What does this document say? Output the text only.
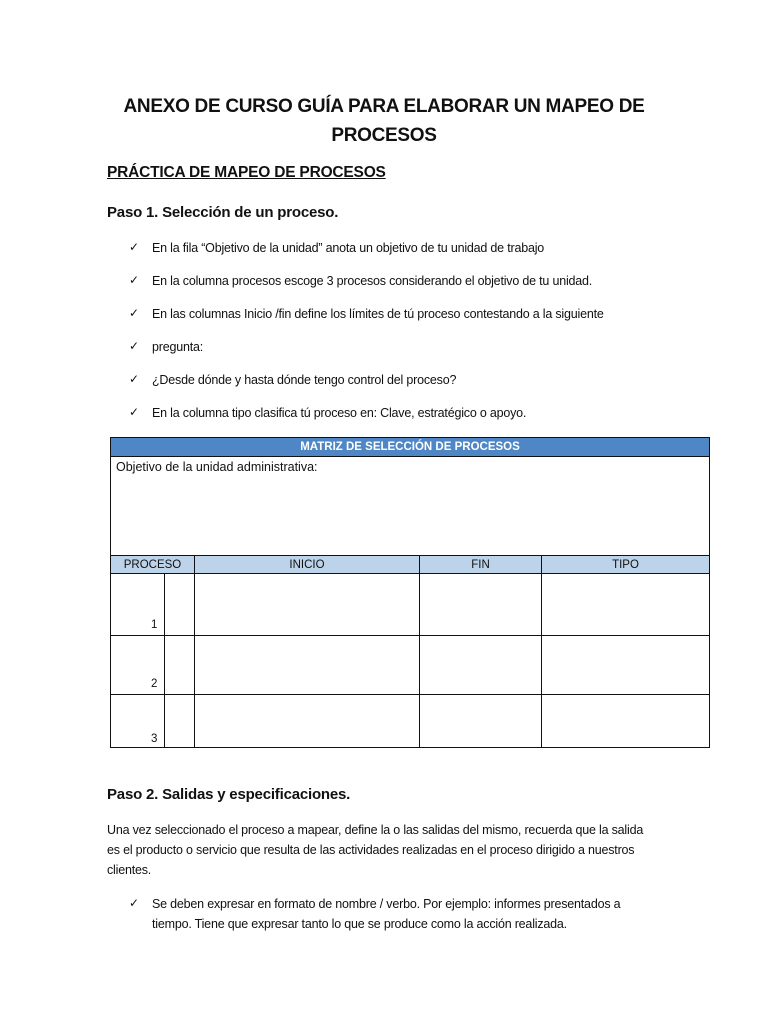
ANEXO DE CURSO GUÍA PARA ELABORAR UN MAPEO DE
PROCESOS
PRÁCTICA DE MAPEO DE PROCESOS
Paso 1. Selección de un proceso.
✓ En la fila “Objetivo de la unidad” anota un objetivo de tu unidad de trabajo
✓ En la columna procesos escoge 3 procesos considerando el objetivo de tu unidad.
✓ En las columnas Inicio /fin define los límites de tú proceso contestando a la siguiente
✓ pregunta:
✓ ¿Desde dónde y hasta dónde tengo control del proceso?
✓ En la columna tipo clasifica tú proceso en: Clave, estratégico o apoyo.
MATRIZ DE SELECCIÓN DE PROCESOS
Objetivo de la unidad administrativa:
PROCESO	INICIO	FIN	TIPO
1
2
3
Paso 2. Salidas y especificaciones.
Una vez seleccionado el proceso a mapear, define la o las salidas del mismo, recuerda que la salida
es el producto o servicio que resulta de las actividades realizadas en el proceso dirigido a nuestros
clientes.
✓ Se deben expresar en formato de nombre / verbo. Por ejemplo: informes presentados a
tiempo. Tiene que expresar tanto lo que se produce como la acción realizada.
